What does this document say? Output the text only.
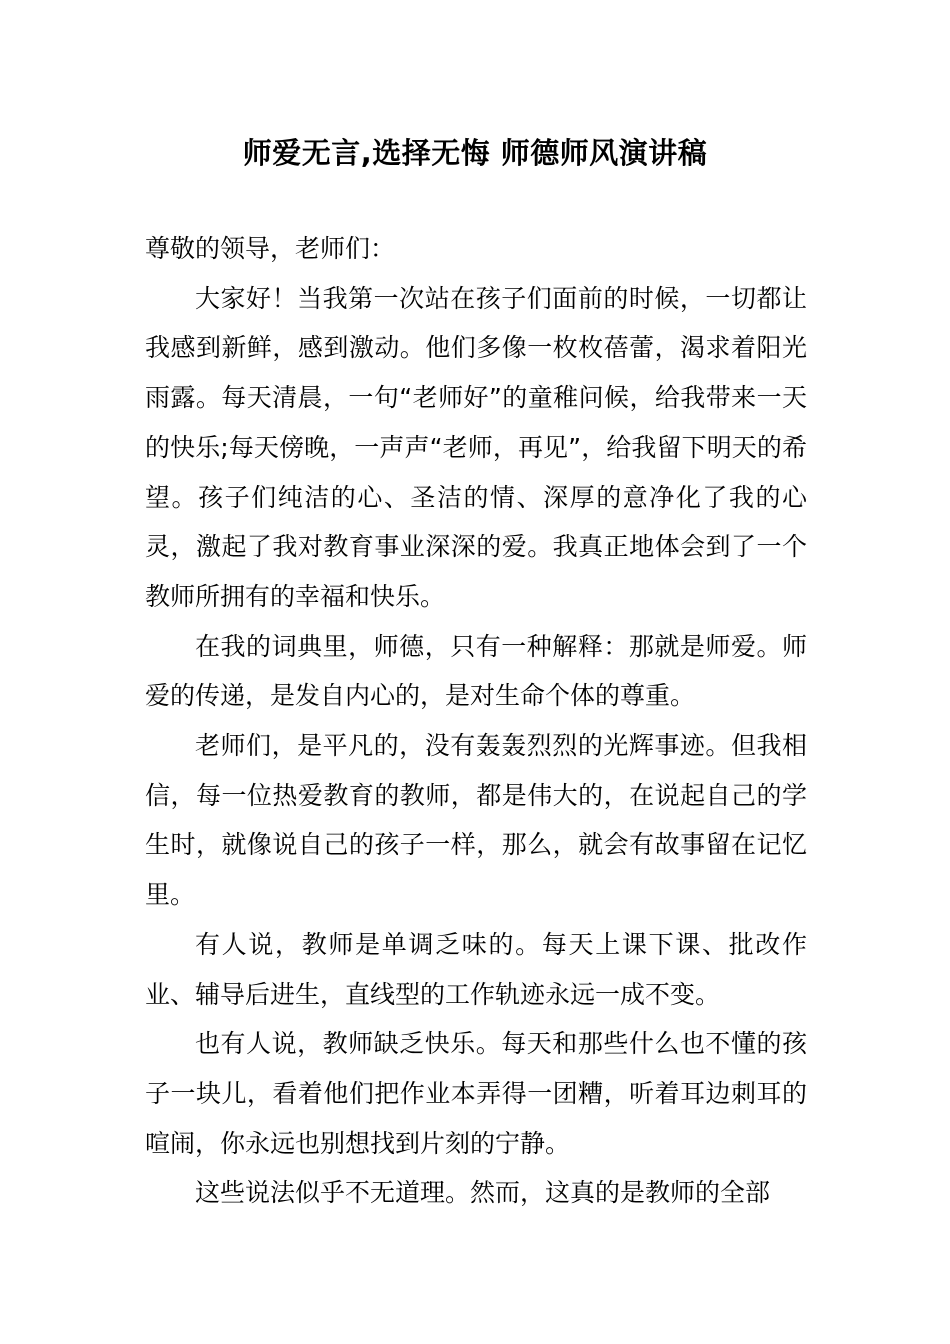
师爱无言,选择无悔 师德师风演讲稿

尊敬的领导，老师们：

大家好！当我第一次站在孩子们面前的时候，一切都让我感到新鲜，感到激动。他们多像一枚枚蓓蕾，渴求着阳光雨露。每天清晨，一句“老师好”的童稚问候，给我带来一天的快乐;每天傍晚，一声声“老师，再见”，给我留下明天的希望。孩子们纯洁的心、圣洁的情、深厚的意净化了我的心灵，激起了我对教育事业深深的爱。我真正地体会到了一个教师所拥有的幸福和快乐。

在我的词典里，师德，只有一种解释：那就是师爱。师爱的传递，是发自内心的，是对生命个体的尊重。

老师们，是平凡的，没有轰轰烈烈的光辉事迹。但我相信，每一位热爱教育的教师，都是伟大的，在说起自己的学生时，就像说自己的孩子一样，那么，就会有故事留在记忆里。

有人说，教师是单调乏味的。每天上课下课、批改作业、辅导后进生，直线型的工作轨迹永远一成不变。

也有人说，教师缺乏快乐。每天和那些什么也不懂的孩子一块儿，看着他们把作业本弄得一团糟，听着耳边刺耳的喧闹，你永远也别想找到片刻的宁静。

这些说法似乎不无道理。然而，这真的是教师的全部
